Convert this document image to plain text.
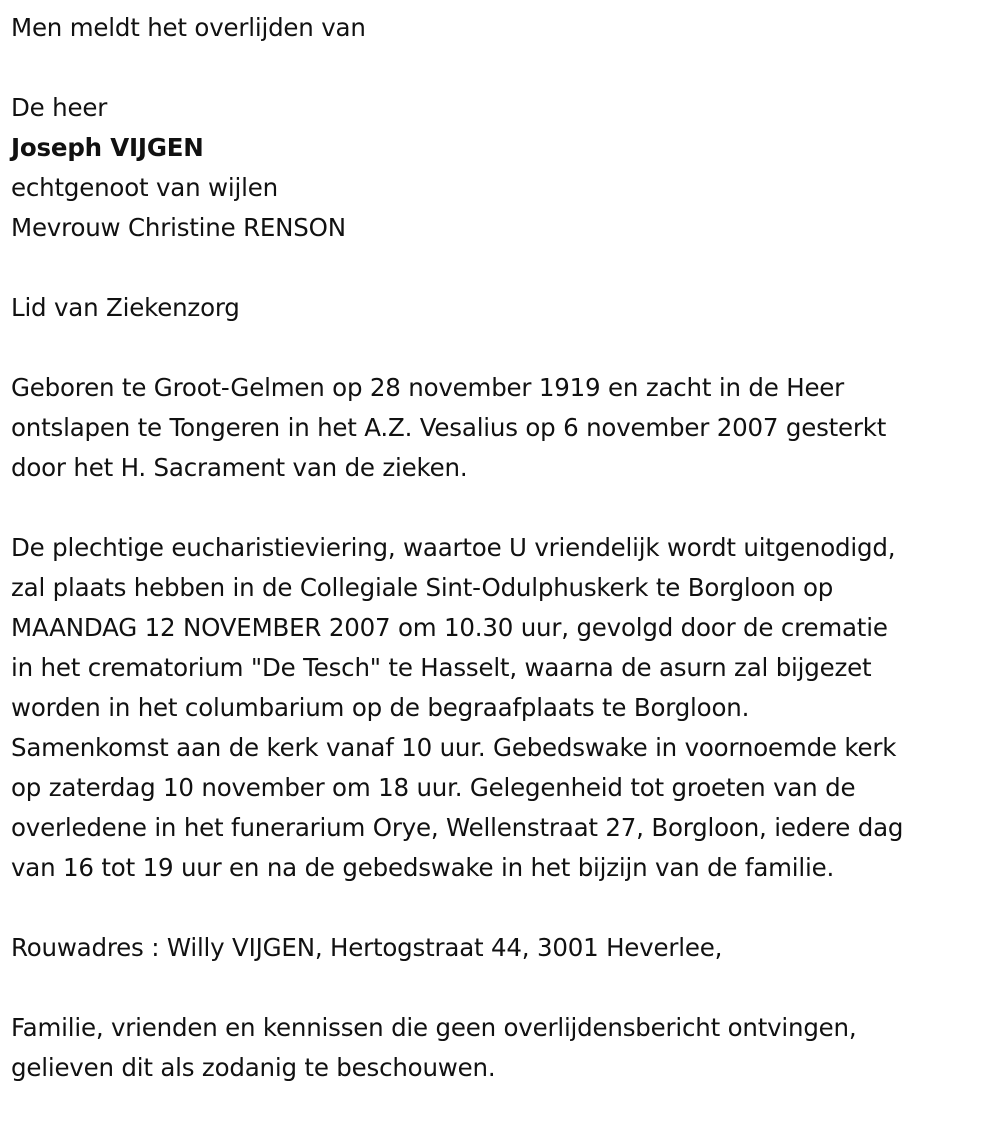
Men meldt het overlijden van
De heer
Joseph VIJGEN
echtgenoot van wijlen
Mevrouw Christine RENSON
Lid van Ziekenzorg
Geboren te Groot-Gelmen op 28 november 1919 en zacht in de Heer
ontslapen te Tongeren in het A.Z. Vesalius op 6 november 2007 gesterkt
door het H. Sacrament van de zieken.
De plechtige eucharistieviering, waartoe U vriendelijk wordt uitgenodigd,
zal plaats hebben in de Collegiale Sint-Odulphuskerk te Borgloon op
MAANDAG 12 NOVEMBER 2007 om 10.30 uur, gevolgd door de crematie
in het crematorium "De Tesch" te Hasselt, waarna de asurn zal bijgezet
worden in het columbarium op de begraafplaats te Borgloon.
Samenkomst aan de kerk vanaf 10 uur. Gebedswake in voornoemde kerk
op zaterdag 10 november om 18 uur. Gelegenheid tot groeten van de
overledene in het funerarium Orye, Wellenstraat 27, Borgloon, iedere dag
van 16 tot 19 uur en na de gebedswake in het bijzijn van de familie.
Rouwadres : Willy VIJGEN, Hertogstraat 44, 3001 Heverlee,
Familie, vrienden en kennissen die geen overlijdensbericht ontvingen,
gelieven dit als zodanig te beschouwen.
